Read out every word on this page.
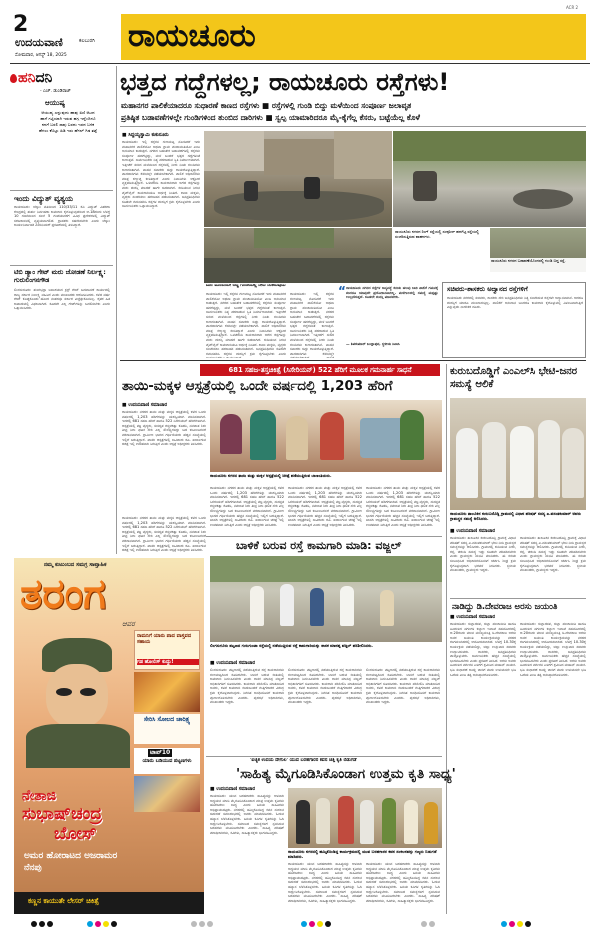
2
ಉದಯವಾಣಿ	ಕಲಬುರಗಿ
ಸೋಮವಾರ, ಆಗಸ್ಟ್ 18, 2025
ರಾಯಚೂರು
ACR 2
ಹನಿದನಿ
- ಎಚ್. ಡುಂಡಿರಾಜ್
ಆಯುಷ್ಯ
ಆಯುಷ್ಯ ಎನ್ನುವುದು ಹಾವು ಏಣಿ ಆಟದ ಹಾಗೆ ಗಟ್ಟಿಯಾಗಿ ಇರುವ ಹಗ್ಗ ಇನ್ನೆಂದಿಗೂ ನನಗೆ ಬರಲಿ ಸಾವು ಬರದು ಇರದ ಬಳಿಕ ಹೆಗಲು ಕೊಟ್ಟು ಹಿಡಿ ಇರು ಹೆಗಲ್ ಗಿಡ ತಟ್ಟೆ
ಇಂದು ವಿದ್ಯುತ್ ವ್ಯತ್ಯಯ
ರಾಯಚೂರು: ಜೆಸ್ಕಾಂ ವತಿಯಿಂದ 110/33/11 ಕೆವಿ ವಿದ್ಯುತ್ ವಿತರಣಾ ಕೇಂದ್ರದಲ್ಲಿ ತುರ್ತು ನಿರ್ವಹಣಾ ಕಾಮಗಾರಿ ಕೈಗೊಳ್ಳುವುದರಿಂದ ಆ.18ರಂದು ಬೆಳಗ್ಗೆ 10 ಗಂಟೆಯಿಂದ ಸಂಜೆ 5 ಗಂಟೆಯವರೆಗೆ ವಿವಿಧ ಪ್ರದೇಶಗಳಲ್ಲಿ ವಿದ್ಯುತ್ ಸರಬರಾಜಿನಲ್ಲಿ ವ್ಯತ್ಯಯವಾಗಲಿದೆ. ಗ್ರಾಹಕರು ಸಹಕರಿಸಬೇಕು ಎಂದು ಜೆಸ್ಕಾಂ ಕಾರ್ಯನಿರ್ವಾಹಕ ಎಂಜಿನಿಯರ್ ಪ್ರಕಟಣೆಯಲ್ಲಿ ತಿಳಿಸಿದ್ದಾರೆ.
ಟಿಬಿ ಡ್ಯಾಂ ಗೇಟ್ ಮರು ಜೋಡಣೆ ನಿರ್ಲಕ್ಷ್ಯ: ಗುರುಲಿಂಗನಗೌಡ
ಲಿಂಗಸುಗೂರು: ತುಂಗಭದ್ರಾ ಜಲಾಶಯದ ಕ್ರಸ್ಟ್ ಗೇಟ್ ಬದಲಾವಣೆ ಕಾರ್ಯದಲ್ಲಿ ರಾಜ್ಯ ಸರ್ಕಾರ ನಿರ್ಲಕ್ಷ್ಯ ವಹಿಸಿದೆ ಎಂದು ಮುಖಂಡರು ಆರೋಪಿಸಿದರು. ಕಳೆದ ವರ್ಷ ಗೇಟ್ ಕೊಚ್ಚಿಕೊಂಡು ಹೋದ ನಂತರವೂ ಸರ್ಕಾರ ಎಚ್ಚೆತ್ತುಕೊಂಡಿಲ್ಲ. ರೈತರ ಹಿತ ಕಾಪಾಡುವಲ್ಲಿ ವಿಫಲವಾಗಿದೆ. ಕೂಡಲೇ ಎಲ್ಲ ಗೇಟ್‌ಗಳನ್ನು ಬದಲಿಸಬೇಕು ಎಂದು ಒತ್ತಾಯಿಸಿದರು.
ಭತ್ತದ ಗದ್ದೆಗಳಲ್ಲ; ರಾಯಚೂರು ರಸ್ತೆಗಳು!
ಮಹಾನಗರ ಪಾಲಿಕೆಯಾದರೂ ಸುಧಾರಣೆ ಕಾಣದ ರಸ್ತೆಗಳು ■ ರಸ್ತೆಗಳಲ್ಲಿ ಗುಂಡಿ ಬಿದ್ದು ಮಳೆಯಿಂದ ಸಂಪೂರ್ಣ ಜಲಾವೃತ
ಪ್ರತಿಷ್ಠಿತ ಬಡಾವಣೆಗಳಲ್ಲೇ ಗುಂಡಿಗಳಿಂದ ತುಂಬಿದ ದಾರಿಗಳು ■ ಸ್ವಲ್ಪ ಯಾಮಾರಿದರೂ ಮೈ-ಕೈಗೆಲ್ಲ ಕೆಸರು, ಬಟ್ಟೆಯೆಲ್ಲ ಕೊಳೆ
■ ಸಿದ್ದಯ್ಯಸ್ವಾಮಿ ಕುಕುನೂರು
ರಾಯಚೂರು: ಇಲ್ಲಿ ರಸ್ತೆಗಳ ಗುಣಮಟ್ಟ ನೋಡಿದರೆ ಇದು ಮಹಾನಗರ ಪಾಲಿಕೆಯೋ ಅಥವಾ ಗ್ರಾಮ ಪಂಚಾಯಿತಿಯೋ ಎಂಬ ಅನುಮಾನ ಕಾಡುತ್ತದೆ. ನಗರದ ಬಹುತೇಕ ಬಡಾವಣೆಗಳಲ್ಲಿ ರಸ್ತೆಗಳು ಸಂಪೂರ್ಣ ಹದಗೆಟ್ಟಿದ್ದು, ಮಳೆ ಬಂದರೆ ಭತ್ತದ ಗದ್ದೆಗಳಂತೆ ಕಾಣುತ್ತವೆ. ಸಾರ್ವಜನಿಕರು ನಿತ್ಯ ಪರದಾಡುವ ಸ್ಥಿತಿ ನಿರ್ಮಾಣವಾಗಿದೆ. ಇತ್ತೀಚೆಗೆ ಸುರಿದ ಮಳೆಯಿಂದ ರಸ್ತೆಗಳಲ್ಲಿ ನೀರು ನಿಂತು ಗುಂಡಿಗಳು ಕಾಣದಂತಾಗಿವೆ. ವಾಹನ ಸವಾರರು ಬಿದ್ದು ಗಾಯಗೊಳ್ಳುತ್ತಿದ್ದಾರೆ. ಪಾದಚಾರಿಗಳು ಕೆಸರಿನಲ್ಲೇ ನಡೆಯಬೇಕಾಗಿದೆ. ಪಾಲಿಕೆ ಅಧಿಕಾರಿಗಳು ಮಾತ್ರ ಕಣ್ಮುಚ್ಚಿ ಕುಳಿತಿದ್ದಾರೆ ಎಂದು ನಿವಾಸಿಗಳು ಆಕ್ರೋಶ ವ್ಯಕ್ತಪಡಿಸುತ್ತಿದ್ದಾರೆ. ಒಳಚರಂಡಿ ಕಾಮಗಾರಿಗಾಗಿ ಅಗೆದ ರಸ್ತೆಗಳನ್ನು ಮರು ದುರಸ್ತಿ ಮಾಡದೆ ಹಾಗೇ ಬಿಡಲಾಗಿದೆ. ಕುಡಿಯುವ ನೀರಿನ ಪೈಪ್‌ಲೈನ್ ಕಾಮಗಾರಿಯೂ ಅರ್ಧಕ್ಕೆ ನಿಂತಿದೆ. ಶಾಲಾ ಮಕ್ಕಳು, ವೃದ್ಧರು ಸಂಚರಿಸಲು ಹರಸಾಹಸ ಪಡುವಂತಾಗಿದೆ. ಜನಪ್ರತಿನಿಧಿಗಳು ಕೂಡಲೇ ಗಮನಹರಿಸಿ ರಸ್ತೆಗಳ ದುರಸ್ತಿಗೆ ಕ್ರಮ ಕೈಗೊಳ್ಳಬೇಕು ಎಂದು ಸಾರ್ವಜನಿಕರು ಒತ್ತಾಯಿಸಿದ್ದಾರೆ.
ರಾಯಚೂರು ನಗರದ ರಿಂಗ್ ರಸ್ತೆಯಲ್ಲಿ ಸಂಪೂರ್ಣ ಹದಗೆಟ್ಟ ರಸ್ತೆಯಲ್ಲಿ ಸಂಚರಿಸುತ್ತಿರುವ ವಾಹನಗಳು.
ರಾಯಚೂರು ನಗರದ ಬಡಾವಣೆಯೊಂದರಲ್ಲಿ ಗುಂಡಿ ಬಿದ್ದ ರಸ್ತೆ.
ಮನೆ ಮುಂದೆಯೇ ಬಿದ್ದ ಗುಂಡಿಯಲ್ಲಿ ನೀರು ನಿಂತಿರುವುದು
ರಾಯಚೂರು: ಇಲ್ಲಿ ರಸ್ತೆಗಳ ಗುಣಮಟ್ಟ ನೋಡಿದರೆ ಇದು ಮಹಾನಗರ ಪಾಲಿಕೆಯೋ ಅಥವಾ ಗ್ರಾಮ ಪಂಚಾಯಿತಿಯೋ ಎಂಬ ಅನುಮಾನ ಕಾಡುತ್ತದೆ. ನಗರದ ಬಹುತೇಕ ಬಡಾವಣೆಗಳಲ್ಲಿ ರಸ್ತೆಗಳು ಸಂಪೂರ್ಣ ಹದಗೆಟ್ಟಿದ್ದು, ಮಳೆ ಬಂದರೆ ಭತ್ತದ ಗದ್ದೆಗಳಂತೆ ಕಾಣುತ್ತವೆ. ಸಾರ್ವಜನಿಕರು ನಿತ್ಯ ಪರದಾಡುವ ಸ್ಥಿತಿ ನಿರ್ಮಾಣವಾಗಿದೆ. ಇತ್ತೀಚೆಗೆ ಸುರಿದ ಮಳೆಯಿಂದ ರಸ್ತೆಗಳಲ್ಲಿ ನೀರು ನಿಂತು ಗುಂಡಿಗಳು ಕಾಣದಂತಾಗಿವೆ. ವಾಹನ ಸವಾರರು ಬಿದ್ದು ಗಾಯಗೊಳ್ಳುತ್ತಿದ್ದಾರೆ. ಪಾದಚಾರಿಗಳು ಕೆಸರಿನಲ್ಲೇ ನಡೆಯಬೇಕಾಗಿದೆ. ಪಾಲಿಕೆ ಅಧಿಕಾರಿಗಳು ಮಾತ್ರ ಕಣ್ಮುಚ್ಚಿ ಕುಳಿತಿದ್ದಾರೆ ಎಂದು ನಿವಾಸಿಗಳು ಆಕ್ರೋಶ ವ್ಯಕ್ತಪಡಿಸುತ್ತಿದ್ದಾರೆ. ಒಳಚರಂಡಿ ಕಾಮಗಾರಿಗಾಗಿ ಅಗೆದ ರಸ್ತೆಗಳನ್ನು ಮರು ದುರಸ್ತಿ ಮಾಡದೆ ಹಾಗೇ ಬಿಡಲಾಗಿದೆ. ಕುಡಿಯುವ ನೀರಿನ ಪೈಪ್‌ಲೈನ್ ಕಾಮಗಾರಿಯೂ ಅರ್ಧಕ್ಕೆ ನಿಂತಿದೆ. ಶಾಲಾ ಮಕ್ಕಳು, ವೃದ್ಧರು ಸಂಚರಿಸಲು ಹರಸಾಹಸ ಪಡುವಂತಾಗಿದೆ. ಜನಪ್ರತಿನಿಧಿಗಳು ಕೂಡಲೇ ಗಮನಹರಿಸಿ ರಸ್ತೆಗಳ ದುರಸ್ತಿಗೆ ಕ್ರಮ ಕೈಗೊಳ್ಳಬೇಕು ಎಂದು
ರಾಯಚೂರು: ಇಲ್ಲಿ ರಸ್ತೆಗಳ ಗುಣಮಟ್ಟ ನೋಡಿದರೆ ಇದು ಮಹಾನಗರ ಪಾಲಿಕೆಯೋ ಅಥವಾ ಗ್ರಾಮ ಪಂಚಾಯಿತಿಯೋ ಎಂಬ ಅನುಮಾನ ಕಾಡುತ್ತದೆ. ನಗರದ ಬಹುತೇಕ ಬಡಾವಣೆಗಳಲ್ಲಿ ರಸ್ತೆಗಳು ಸಂಪೂರ್ಣ ಹದಗೆಟ್ಟಿದ್ದು, ಮಳೆ ಬಂದರೆ ಭತ್ತದ ಗದ್ದೆಗಳಂತೆ ಕಾಣುತ್ತವೆ. ಸಾರ್ವಜನಿಕರು ನಿತ್ಯ ಪರದಾಡುವ ಸ್ಥಿತಿ ನಿರ್ಮಾಣವಾಗಿದೆ. ಇತ್ತೀಚೆಗೆ ಸುರಿದ ಮಳೆಯಿಂದ ರಸ್ತೆಗಳಲ್ಲಿ ನೀರು ನಿಂತು ಗುಂಡಿಗಳು ಕಾಣದಂತಾಗಿವೆ. ವಾಹನ ಸವಾರರು ಬಿದ್ದು ಗಾಯಗೊಳ್ಳುತ್ತಿದ್ದಾರೆ. ಪಾದಚಾರಿಗಳು ಕೆಸರಿನಲ್ಲೇ
“ ರಾಯಚೂರು ನಗರದ ರಸ್ತೆಗಳ ಅವ್ಯವಸ್ಥೆ ಕುರಿತು ಹಲವು ಬಾರಿ ಪಾಲಿಕೆ ಗಮನಕ್ಕೆ ತಂದರೂ ಯಾವುದೇ ಪ್ರಯೋಜನವಾಗಿಲ್ಲ. ಮಳೆಗಾಲದಲ್ಲಿ ಸಮಸ್ಯೆ ಮತ್ತಷ್ಟು ಉಲ್ಬಣಿಸುತ್ತದೆ. ಕೂಡಲೇ ದುರಸ್ತಿ ಮಾಡಬೇಕು.
— ಶಿವಕುಮಾರ್ ಬುಲ್ಲಾಪುರ, ಸ್ಥಳೀಯ ನಿವಾಸಿ
ಸಚಿವರು-ಶಾಸಕರು ಅದ್ವಾನದ ರಸ್ತೆಗಳಿಗೆ
ರಾಯಚೂರು ನಗರದಲ್ಲಿ ಸಚಿವರು, ಶಾಸಕರು ಸೇರಿ ಜನಪ್ರತಿನಿಧಿಗಳು ನಿತ್ಯ ಸಂಚರಿಸುವ ರಸ್ತೆಗಳೇ ಅದ್ವಾನವಾಗಿವೆ. ಆದರೂ ದುರಸ್ತಿಗೆ ಯಾರೂ ಮುಂದಾಗುತ್ತಿಲ್ಲ. ಪಾಲಿಕೆಗೆ ಅನುದಾನ ಬಂದರೂ ಕಾಮಗಾರಿ ಕೈಗೊಳ್ಳುವಲ್ಲಿ ವಿಳಂಬವಾಗುತ್ತಿದೆ ಎನ್ನುವುದು ನಾಗರಿಕರ ದೂರು.
681 ಸಹಜ-ತಸ್ತಚಿಕಿತ್ಸೆ (ಸಿಸೇರಿಯನ್) 522 ಹೆರಿಗೆ ಮೂಲಕ ಗಮನಾರ್ಹ ಸಾಧನೆ
ತಾಯಿ-ಮಕ್ಕಳ ಆಸ್ಪತ್ರೆಯಲ್ಲಿ ಒಂದೇ ವರ್ಷದಲ್ಲಿ 1,203 ಹೆರಿಗೆ
■ ಉದಯವಾಣಿ ಸಮಾಚಾರ
ರಾಯಚೂರು: ನಗರದ ತಾಯಿ ಮತ್ತು ಮಕ್ಕಳ ಆಸ್ಪತ್ರೆಯಲ್ಲಿ ಕಳೆದ ಒಂದು ವರ್ಷದಲ್ಲಿ 1,203 ಹೆರಿಗೆಗಳನ್ನು ಯಶಸ್ವಿಯಾಗಿ ಮಾಡಿಸಲಾಗಿದೆ. ಇದರಲ್ಲಿ 681 ಸಹಜ ಹೆರಿಗೆ ಹಾಗೂ 522 ಸಿಸೇರಿಯನ್ ಹೆರಿಗೆಗಳಾಗಿವೆ. ಆಸ್ಪತ್ರೆಯಲ್ಲಿ ತಜ್ಞ ವೈದ್ಯರು, ಸುಸಜ್ಜಿತ ಶಸ್ತ್ರಚಿಕಿತ್ಸಾ ಕೊಠಡಿ, ನವಜಾತ ಶಿಶು ತೀವ್ರ ನಿಗಾ ಘಟಕ ಸೇರಿ ಎಲ್ಲ ಸೌಲಭ್ಯಗಳಿದ್ದು ಬಡ ಕುಟುಂಬಗಳಿಗೆ ವರದಾನವಾಗಿದೆ. ಗ್ರಾಮೀಣ ಭಾಗದ ಗರ್ಭಿಣಿಯರು ಹೆಚ್ಚಿನ ಸಂಖ್ಯೆಯಲ್ಲಿ ಇಲ್ಲಿಗೆ ಬರುತ್ತಿದ್ದಾರೆ. ಖಾಸಗಿ ಆಸ್ಪತ್ರೆಗಳಲ್ಲಿ ಸಾವಿರಾರು ರೂ. ಖರ್ಚಾಗುವ ಚಿಕಿತ್ಸೆ ಇಲ್ಲಿ ಉಚಿತವಾಗಿ ಸಿಗುತ್ತಿದೆ ಎಂದು ಆಸ್ಪತ್ರೆ ಅಧೀಕ್ಷಕರು ತಿಳಿಸಿದರು.
ರಾಯಚೂರು ನಗರದ ತಾಯಿ ಮತ್ತು ಮಕ್ಕಳ ಆಸ್ಪತ್ರೆಯಲ್ಲಿ ಚಿಕಿತ್ಸೆ ಪಡೆಯುತ್ತಿರುವ ಬಾಣಂತಿಯರು.
ರಾಯಚೂರು: ನಗರದ ತಾಯಿ ಮತ್ತು ಮಕ್ಕಳ ಆಸ್ಪತ್ರೆಯಲ್ಲಿ ಕಳೆದ ಒಂದು ವರ್ಷದಲ್ಲಿ 1,203 ಹೆರಿಗೆಗಳನ್ನು ಯಶಸ್ವಿಯಾಗಿ ಮಾಡಿಸಲಾಗಿದೆ. ಇದರಲ್ಲಿ 681 ಸಹಜ ಹೆರಿಗೆ ಹಾಗೂ 522 ಸಿಸೇರಿಯನ್ ಹೆರಿಗೆಗಳಾಗಿವೆ. ಆಸ್ಪತ್ರೆಯಲ್ಲಿ ತಜ್ಞ ವೈದ್ಯರು, ಸುಸಜ್ಜಿತ ಶಸ್ತ್ರಚಿಕಿತ್ಸಾ ಕೊಠಡಿ, ನವಜಾತ ಶಿಶು ತೀವ್ರ ನಿಗಾ ಘಟಕ ಸೇರಿ ಎಲ್ಲ ಸೌಲಭ್ಯಗಳಿದ್ದು ಬಡ ಕುಟುಂಬಗಳಿಗೆ ವರದಾನವಾಗಿದೆ. ಗ್ರಾಮೀಣ ಭಾಗದ ಗರ್ಭಿಣಿಯರು ಹೆಚ್ಚಿನ ಸಂಖ್ಯೆಯಲ್ಲಿ ಇಲ್ಲಿಗೆ ಬರುತ್ತಿದ್ದಾರೆ. ಖಾಸಗಿ ಆಸ್ಪತ್ರೆಗಳಲ್ಲಿ ಸಾವಿರಾರು ರೂ. ಖರ್ಚಾಗುವ ಚಿಕಿತ್ಸೆ ಇಲ್ಲಿ ಉಚಿತವಾಗಿ ಸಿಗುತ್ತಿದೆ ಎಂದು ಆಸ್ಪತ್ರೆ ಅಧೀಕ್ಷಕರು ತಿಳಿಸಿದರು.
ರಾಯಚೂರು: ನಗರದ ತಾಯಿ ಮತ್ತು ಮಕ್ಕಳ ಆಸ್ಪತ್ರೆಯಲ್ಲಿ ಕಳೆದ ಒಂದು ವರ್ಷದಲ್ಲಿ 1,203 ಹೆರಿಗೆಗಳನ್ನು ಯಶಸ್ವಿಯಾಗಿ ಮಾಡಿಸಲಾಗಿದೆ. ಇದರಲ್ಲಿ 681 ಸಹಜ ಹೆರಿಗೆ ಹಾಗೂ 522 ಸಿಸೇರಿಯನ್ ಹೆರಿಗೆಗಳಾಗಿವೆ. ಆಸ್ಪತ್ರೆಯಲ್ಲಿ ತಜ್ಞ ವೈದ್ಯರು, ಸುಸಜ್ಜಿತ ಶಸ್ತ್ರಚಿಕಿತ್ಸಾ ಕೊಠಡಿ, ನವಜಾತ ಶಿಶು ತೀವ್ರ ನಿಗಾ ಘಟಕ ಸೇರಿ ಎಲ್ಲ ಸೌಲಭ್ಯಗಳಿದ್ದು ಬಡ ಕುಟುಂಬಗಳಿಗೆ ವರದಾನವಾಗಿದೆ. ಗ್ರಾಮೀಣ ಭಾಗದ ಗರ್ಭಿಣಿಯರು ಹೆಚ್ಚಿನ ಸಂಖ್ಯೆಯಲ್ಲಿ ಇಲ್ಲಿಗೆ ಬರುತ್ತಿದ್ದಾರೆ. ಖಾಸಗಿ ಆಸ್ಪತ್ರೆಗಳಲ್ಲಿ ಸಾವಿರಾರು ರೂ. ಖರ್ಚಾಗುವ ಚಿಕಿತ್ಸೆ ಇಲ್ಲಿ ಉಚಿತವಾಗಿ ಸಿಗುತ್ತಿದೆ ಎಂದು ಆಸ್ಪತ್ರೆ ಅಧೀಕ್ಷಕರು ತಿಳಿಸಿದರು.
ರಾಯಚೂರು: ನಗರದ ತಾಯಿ ಮತ್ತು ಮಕ್ಕಳ ಆಸ್ಪತ್ರೆಯಲ್ಲಿ ಕಳೆದ ಒಂದು ವರ್ಷದಲ್ಲಿ 1,203 ಹೆರಿಗೆಗಳನ್ನು ಯಶಸ್ವಿಯಾಗಿ ಮಾಡಿಸಲಾಗಿದೆ. ಇದರಲ್ಲಿ 681 ಸಹಜ ಹೆರಿಗೆ ಹಾಗೂ 522 ಸಿಸೇರಿಯನ್ ಹೆರಿಗೆಗಳಾಗಿವೆ. ಆಸ್ಪತ್ರೆಯಲ್ಲಿ ತಜ್ಞ ವೈದ್ಯರು, ಸುಸಜ್ಜಿತ ಶಸ್ತ್ರಚಿಕಿತ್ಸಾ ಕೊಠಡಿ, ನವಜಾತ ಶಿಶು ತೀವ್ರ ನಿಗಾ ಘಟಕ ಸೇರಿ ಎಲ್ಲ ಸೌಲಭ್ಯಗಳಿದ್ದು ಬಡ ಕುಟುಂಬಗಳಿಗೆ ವರದಾನವಾಗಿದೆ. ಗ್ರಾಮೀಣ ಭಾಗದ ಗರ್ಭಿಣಿಯರು ಹೆಚ್ಚಿನ ಸಂಖ್ಯೆಯಲ್ಲಿ ಇಲ್ಲಿಗೆ ಬರುತ್ತಿದ್ದಾರೆ. ಖಾಸಗಿ ಆಸ್ಪತ್ರೆಗಳಲ್ಲಿ ಸಾವಿರಾರು ರೂ. ಖರ್ಚಾಗುವ ಚಿಕಿತ್ಸೆ ಇಲ್ಲಿ ಉಚಿತವಾಗಿ ಸಿಗುತ್ತಿದೆ ಎಂದು ಆಸ್ಪತ್ರೆ ಅಧೀಕ್ಷಕರು ತಿಳಿಸಿದರು.
ಕುರುಬದೊಡ್ಡಿಗೆ ಎಂಎಲ್‌ಸಿ ಭೇಟಿ-ಜನರ ಸಮಸ್ಯೆ ಆಲಿಕೆ
ರಾಯಚೂರು ತಾಲೂಕಿನ ಕುರುಬದೊಡ್ಡಿ ಗ್ರಾಮದಲ್ಲಿ ವಿಧಾನ ಪರಿಷತ್ ಸದಸ್ಯ ಎ.ವಸಂತಕುಮಾರ್ ಅವರು ಗ್ರಾಮಸ್ಥರ ಸಮಸ್ಯೆ ಆಲಿಸಿದರು.
■ ಉದಯವಾಣಿ ಸಮಾಚಾರ
ರಾಯಚೂರು: ತಾಲೂಕಿನ ಕುರುಬದೊಡ್ಡಿ ಗ್ರಾಮಕ್ಕೆ ವಿಧಾನ ಪರಿಷತ್ ಸದಸ್ಯ ಎ.ವಸಂತಕುಮಾರ್ ಭೇಟಿ ನೀಡಿ ಗ್ರಾಮಸ್ಥರ ಸಮಸ್ಯೆಗಳನ್ನು ಆಲಿಸಿದರು. ಗ್ರಾಮದಲ್ಲಿ ಕುಡಿಯುವ ನೀರು, ರಸ್ತೆ, ಚರಂಡಿ ಸಮಸ್ಯೆ ಇದ್ದು ಕೂಡಲೇ ಪರಿಹರಿಸಬೇಕು ಎಂದು ಗ್ರಾಮಸ್ಥರು ಮನವಿ ಮಾಡಿದರು. ಈ ಕುರಿತು ಸಂಬಂಧಿಸಿದ ಅಧಿಕಾರಿಗಳೊಂದಿಗೆ ಚರ್ಚಿಸಿ ಶೀಘ್ರ ಕ್ರಮ ಕೈಗೊಳ್ಳುವುದಾಗಿ ಭರವಸೆ ನೀಡಿದರು. ಸ್ಥಳೀಯ ಮುಖಂಡರು, ಗ್ರಾಮಸ್ಥರು ಇದ್ದರು.
ರಾಯಚೂರು: ತಾಲೂಕಿನ ಕುರುಬದೊಡ್ಡಿ ಗ್ರಾಮಕ್ಕೆ ವಿಧಾನ ಪರಿಷತ್ ಸದಸ್ಯ ಎ.ವಸಂತಕುಮಾರ್ ಭೇಟಿ ನೀಡಿ ಗ್ರಾಮಸ್ಥರ ಸಮಸ್ಯೆಗಳನ್ನು ಆಲಿಸಿದರು. ಗ್ರಾಮದಲ್ಲಿ ಕುಡಿಯುವ ನೀರು, ರಸ್ತೆ, ಚರಂಡಿ ಸಮಸ್ಯೆ ಇದ್ದು ಕೂಡಲೇ ಪರಿಹರಿಸಬೇಕು ಎಂದು ಗ್ರಾಮಸ್ಥರು ಮನವಿ ಮಾಡಿದರು. ಈ ಕುರಿತು ಸಂಬಂಧಿಸಿದ ಅಧಿಕಾರಿಗಳೊಂದಿಗೆ ಚರ್ಚಿಸಿ ಶೀಘ್ರ ಕ್ರಮ ಕೈಗೊಳ್ಳುವುದಾಗಿ ಭರವಸೆ ನೀಡಿದರು. ಸ್ಥಳೀಯ ಮುಖಂಡರು, ಗ್ರಾಮಸ್ಥರು ಇದ್ದರು.
ನಾಡಿದ್ದು ಡಿ.ದೇವರಾಜ ಅರಸು ಜಯಂತಿ
■ ಉದಯವಾಣಿ ಸಮಾಚಾರ
ರಾಯಚೂರು: ಜಿಲ್ಲಾಡಳಿತ, ಜಿಲ್ಲಾ ಪಂಚಾಯಿತಿ ಹಾಗೂ ಹಿಂದುಳಿದ ವರ್ಗಗಳ ಕಲ್ಯಾಣ ಇಲಾಖೆ ಸಹಯೋಗದಲ್ಲಿ ಆ.20ರಂದು ಮಾಜಿ ಮುಖ್ಯಮಂತ್ರಿ ಡಿ.ದೇವರಾಜ ಅರಸು ಅವರ ಜಯಂತಿ ಕಾರ್ಯಕ್ರಮವನ್ನು ನಗರದ ರಂಗಮಂದಿರದಲ್ಲಿ ಆಯೋಜಿಸಲಾಗಿದೆ. ಬೆಳಗ್ಗೆ 10.30ಕ್ಕೆ ಕಾರ್ಯಕ್ರಮ ನಡೆಯಲಿದ್ದು, ಜಿಲ್ಲಾ ಉಸ್ತುವಾರಿ ಸಚಿವರು ಉದ್ಘಾಟಿಸುವರು. ಶಾಸಕರು, ಜನಪ್ರತಿನಿಧಿಗಳು ಪಾಲ್ಗೊಳ್ಳುವರು. ಸಾರ್ವಜನಿಕರು ಹೆಚ್ಚಿನ ಸಂಖ್ಯೆಯಲ್ಲಿ ಭಾಗವಹಿಸಬೇಕು ಎಂದು ಪ್ರಕಟಣೆ ತಿಳಿಸಿದೆ. ಅರಸು ಅವರು ಹಿಂದುಳಿದ ವರ್ಗಗಳ ಏಳಿಗೆಗೆ ಶ್ರಮಿಸಿದ ಮಹಾನ್ ನಾಯಕ. ಭೂ ಸುಧಾರಣೆ ಕಾಯ್ದೆ ಜಾರಿಗೆ ತಂದು ಉಳುವವನೇ ಭೂ ಒಡೆಯ ಎಂಬ ತತ್ವ ಅನುಷ್ಠಾನಗೊಳಿಸಿದರು.
ರಾಯಚೂರು: ಜಿಲ್ಲಾಡಳಿತ, ಜಿಲ್ಲಾ ಪಂಚಾಯಿತಿ ಹಾಗೂ ಹಿಂದುಳಿದ ವರ್ಗಗಳ ಕಲ್ಯಾಣ ಇಲಾಖೆ ಸಹಯೋಗದಲ್ಲಿ ಆ.20ರಂದು ಮಾಜಿ ಮುಖ್ಯಮಂತ್ರಿ ಡಿ.ದೇವರಾಜ ಅರಸು ಅವರ ಜಯಂತಿ ಕಾರ್ಯಕ್ರಮವನ್ನು ನಗರದ ರಂಗಮಂದಿರದಲ್ಲಿ ಆಯೋಜಿಸಲಾಗಿದೆ. ಬೆಳಗ್ಗೆ 10.30ಕ್ಕೆ ಕಾರ್ಯಕ್ರಮ ನಡೆಯಲಿದ್ದು, ಜಿಲ್ಲಾ ಉಸ್ತುವಾರಿ ಸಚಿವರು ಉದ್ಘಾಟಿಸುವರು. ಶಾಸಕರು, ಜನಪ್ರತಿನಿಧಿಗಳು ಪಾಲ್ಗೊಳ್ಳುವರು. ಸಾರ್ವಜನಿಕರು ಹೆಚ್ಚಿನ ಸಂಖ್ಯೆಯಲ್ಲಿ ಭಾಗವಹಿಸಬೇಕು ಎಂದು ಪ್ರಕಟಣೆ ತಿಳಿಸಿದೆ. ಅರಸು ಅವರು ಹಿಂದುಳಿದ ವರ್ಗಗಳ ಏಳಿಗೆಗೆ ಶ್ರಮಿಸಿದ ಮಹಾನ್ ನಾಯಕ. ಭೂ ಸುಧಾರಣೆ ಕಾಯ್ದೆ ಜಾರಿಗೆ ತಂದು ಉಳುವವನೇ ಭೂ ಒಡೆಯ ಎಂಬ ತತ್ವ ಅನುಷ್ಠಾನಗೊಳಿಸಿದರು.
ಬಾಳಿಕೆ ಬರುವ ರಸ್ತೆ ಕಾಮಗಾರಿ ಮಾಡಿ: ವಜ್ಜಲ್
ಲಿಂಗಸುಗೂರು ಪಟ್ಟಣದ ಗುರುಗುಂಟಾ ರಸ್ತೆಯಲ್ಲಿ ನಡೆಯುತ್ತಿರುವ ರಸ್ತೆ ಕಾಮಗಾರಿಯನ್ನು ಶಾಸಕ ಮಾನಪ್ಪ ವಜ್ಜಲ್ ಪರಿಶೀಲಿಸಿದರು.
■ ಉದಯವಾಣಿ ಸಮಾಚಾರ
ಲಿಂಗಸುಗೂರು: ಪಟ್ಟಣದಲ್ಲಿ ನಡೆಯುತ್ತಿರುವ ರಸ್ತೆ ಕಾಮಗಾರಿಗಳು ಗುಣಮಟ್ಟದಿಂದ ಕೂಡಿರಬೇಕು. ಬಾಳಿಕೆ ಬರುವ ರೀತಿಯಲ್ಲಿ ಕಾಮಗಾರಿ ನಿರ್ವಹಿಸಬೇಕು ಎಂದು ಶಾಸಕ ಮಾನಪ್ಪ ವಜ್ಜಲ್ ಅಧಿಕಾರಿಗಳಿಗೆ ಸೂಚಿಸಿದರು. ಕಾಮಗಾರಿ ಪರಿಶೀಲಿಸಿ ಮಾತನಾಡಿದ ಅವರು, ಕಳಪೆ ಕಾಮಗಾರಿ ಕಂಡುಬಂದರೆ ಗುತ್ತಿಗೆದಾರರ ವಿರುದ್ಧ ಕ್ರಮ ಕೈಗೊಳ್ಳಲಾಗುವುದು. ನಿಗದಿತ ಅವಧಿಯೊಳಗೆ ಕಾಮಗಾರಿ ಪೂರ್ಣಗೊಳಿಸಬೇಕು ಎಂದರು. ಪುರಸಭೆ ಅಧಿಕಾರಿಗಳು, ಮುಖಂಡರು ಇದ್ದರು.
ಲಿಂಗಸುಗೂರು: ಪಟ್ಟಣದಲ್ಲಿ ನಡೆಯುತ್ತಿರುವ ರಸ್ತೆ ಕಾಮಗಾರಿಗಳು ಗುಣಮಟ್ಟದಿಂದ ಕೂಡಿರಬೇಕು. ಬಾಳಿಕೆ ಬರುವ ರೀತಿಯಲ್ಲಿ ಕಾಮಗಾರಿ ನಿರ್ವಹಿಸಬೇಕು ಎಂದು ಶಾಸಕ ಮಾನಪ್ಪ ವಜ್ಜಲ್ ಅಧಿಕಾರಿಗಳಿಗೆ ಸೂಚಿಸಿದರು. ಕಾಮಗಾರಿ ಪರಿಶೀಲಿಸಿ ಮಾತನಾಡಿದ ಅವರು, ಕಳಪೆ ಕಾಮಗಾರಿ ಕಂಡುಬಂದರೆ ಗುತ್ತಿಗೆದಾರರ ವಿರುದ್ಧ ಕ್ರಮ ಕೈಗೊಳ್ಳಲಾಗುವುದು. ನಿಗದಿತ ಅವಧಿಯೊಳಗೆ ಕಾಮಗಾರಿ ಪೂರ್ಣಗೊಳಿಸಬೇಕು ಎಂದರು. ಪುರಸಭೆ ಅಧಿಕಾರಿಗಳು, ಮುಖಂಡರು ಇದ್ದರು.
ಲಿಂಗಸುಗೂರು: ಪಟ್ಟಣದಲ್ಲಿ ನಡೆಯುತ್ತಿರುವ ರಸ್ತೆ ಕಾಮಗಾರಿಗಳು ಗುಣಮಟ್ಟದಿಂದ ಕೂಡಿರಬೇಕು. ಬಾಳಿಕೆ ಬರುವ ರೀತಿಯಲ್ಲಿ ಕಾಮಗಾರಿ ನಿರ್ವಹಿಸಬೇಕು ಎಂದು ಶಾಸಕ ಮಾನಪ್ಪ ವಜ್ಜಲ್ ಅಧಿಕಾರಿಗಳಿಗೆ ಸೂಚಿಸಿದರು. ಕಾಮಗಾರಿ ಪರಿಶೀಲಿಸಿ ಮಾತನಾಡಿದ ಅವರು, ಕಳಪೆ ಕಾಮಗಾರಿ ಕಂಡುಬಂದರೆ ಗುತ್ತಿಗೆದಾರರ ವಿರುದ್ಧ ಕ್ರಮ ಕೈಗೊಳ್ಳಲಾಗುವುದು. ನಿಗದಿತ ಅವಧಿಯೊಳಗೆ ಕಾಮಗಾರಿ ಪೂರ್ಣಗೊಳಿಸಬೇಕು ಎಂದರು. ಪುರಸಭೆ ಅಧಿಕಾರಿಗಳು, ಮುಖಂಡರು ಇದ್ದರು.
'ಐಚ್ಛಿಕ ಉದಯ ದೇಗುಲ' ಯುವ ಬರಹಗಾರರ ಕವನ ಚಿತ್ತಿ ಕೃತಿ ಬಿಡುಗಡೆ
'ಸಾಹಿತ್ಯ ಮೈಗೂಡಿಸಿಕೊಂಡಾಗ ಉತ್ತಮ ಕೃತಿ ಸಾಧ್ಯ'
■ ಉದಯವಾಣಿ ಸಮಾಚಾರ
ರಾಯಚೂರು: ಯುವ ಬರಹಗಾರರು ಸಾಹಿತ್ಯವನ್ನು ಆಳವಾಗಿ ಅಧ್ಯಯನ ಮಾಡಿ ಮೈಗೂಡಿಸಿಕೊಂಡಾಗ ಮಾತ್ರ ಉತ್ತಮ ಕೃತಿಗಳು ಹೊರಬರಲು ಸಾಧ್ಯ ಎಂದು ಹಿರಿಯ ಸಾಹಿತಿಗಳು ಅಭಿಪ್ರಾಯಪಟ್ಟರು. ನಗರದಲ್ಲಿ ಹಮ್ಮಿಕೊಂಡಿದ್ದ ಕವನ ಸಂಕಲನ ಬಿಡುಗಡೆ ಸಮಾರಂಭದಲ್ಲಿ ಅವರು ಮಾತನಾಡಿದರು. ಓದುವ ಹವ್ಯಾಸ ಬೆಳೆಸಿಕೊಳ್ಳಬೇಕು. ಹಿರಿಯ ಕವಿಗಳ ಕೃತಿಗಳನ್ನು ಓದಿ ಅರ್ಥೈಸಿಕೊಳ್ಳಬೇಕು. ಸಮಾಜದ ಸಮಸ್ಯೆಗಳಿಗೆ ಸ್ಪಂದಿಸುವ ಬರಹಗಳು ಮೂಡಿಬರಬೇಕು ಎಂದರು. ಸಾಹಿತ್ಯ ಪರಿಷತ್ ಪದಾಧಿಕಾರಿಗಳು, ಕವಿಗಳು, ಸಾಹಿತ್ಯಾಸಕ್ತರು ಭಾಗವಹಿಸಿದ್ದರು.
ರಾಯಚೂರು ನಗರದಲ್ಲಿ ಹಮ್ಮಿಕೊಂಡಿದ್ದ ಕಾರ್ಯಕ್ರಮದಲ್ಲಿ ಯುವ ಬರಹಗಾರರ ಕವನ ಸಂಕಲನವನ್ನು ಗಣ್ಯರು ಬಿಡುಗಡೆ ಮಾಡಿದರು.
ರಾಯಚೂರು: ಯುವ ಬರಹಗಾರರು ಸಾಹಿತ್ಯವನ್ನು ಆಳವಾಗಿ ಅಧ್ಯಯನ ಮಾಡಿ ಮೈಗೂಡಿಸಿಕೊಂಡಾಗ ಮಾತ್ರ ಉತ್ತಮ ಕೃತಿಗಳು ಹೊರಬರಲು ಸಾಧ್ಯ ಎಂದು ಹಿರಿಯ ಸಾಹಿತಿಗಳು ಅಭಿಪ್ರಾಯಪಟ್ಟರು. ನಗರದಲ್ಲಿ ಹಮ್ಮಿಕೊಂಡಿದ್ದ ಕವನ ಸಂಕಲನ ಬಿಡುಗಡೆ ಸಮಾರಂಭದಲ್ಲಿ ಅವರು ಮಾತನಾಡಿದರು. ಓದುವ ಹವ್ಯಾಸ ಬೆಳೆಸಿಕೊಳ್ಳಬೇಕು. ಹಿರಿಯ ಕವಿಗಳ ಕೃತಿಗಳನ್ನು ಓದಿ ಅರ್ಥೈಸಿಕೊಳ್ಳಬೇಕು. ಸಮಾಜದ ಸಮಸ್ಯೆಗಳಿಗೆ ಸ್ಪಂದಿಸುವ ಬರಹಗಳು ಮೂಡಿಬರಬೇಕು ಎಂದರು. ಸಾಹಿತ್ಯ ಪರಿಷತ್ ಪದಾಧಿಕಾರಿಗಳು, ಕವಿಗಳು, ಸಾಹಿತ್ಯಾಸಕ್ತರು ಭಾಗವಹಿಸಿದ್ದರು.
ರಾಯಚೂರು: ಯುವ ಬರಹಗಾರರು ಸಾಹಿತ್ಯವನ್ನು ಆಳವಾಗಿ ಅಧ್ಯಯನ ಮಾಡಿ ಮೈಗೂಡಿಸಿಕೊಂಡಾಗ ಮಾತ್ರ ಉತ್ತಮ ಕೃತಿಗಳು ಹೊರಬರಲು ಸಾಧ್ಯ ಎಂದು ಹಿರಿಯ ಸಾಹಿತಿಗಳು ಅಭಿಪ್ರಾಯಪಟ್ಟರು. ನಗರದಲ್ಲಿ ಹಮ್ಮಿಕೊಂಡಿದ್ದ ಕವನ ಸಂಕಲನ ಬಿಡುಗಡೆ ಸಮಾರಂಭದಲ್ಲಿ ಅವರು ಮಾತನಾಡಿದರು. ಓದುವ ಹವ್ಯಾಸ ಬೆಳೆಸಿಕೊಳ್ಳಬೇಕು. ಹಿರಿಯ ಕವಿಗಳ ಕೃತಿಗಳನ್ನು ಓದಿ ಅರ್ಥೈಸಿಕೊಳ್ಳಬೇಕು. ಸಮಾಜದ ಸಮಸ್ಯೆಗಳಿಗೆ ಸ್ಪಂದಿಸುವ ಬರಹಗಳು ಮೂಡಿಬರಬೇಕು ಎಂದರು. ಸಾಹಿತ್ಯ ಪರಿಷತ್ ಪದಾಧಿಕಾರಿಗಳು, ಕವಿಗಳು, ಸಾಹಿತ್ಯಾಸಕ್ತರು ಭಾಗವಹಿಸಿದ್ದರು.
ರಾಯಚೂರು: ನಗರದ ತಾಯಿ ಮತ್ತು ಮಕ್ಕಳ ಆಸ್ಪತ್ರೆಯಲ್ಲಿ ಕಳೆದ ಒಂದು ವರ್ಷದಲ್ಲಿ 1,203 ಹೆರಿಗೆಗಳನ್ನು ಯಶಸ್ವಿಯಾಗಿ ಮಾಡಿಸಲಾಗಿದೆ. ಇದರಲ್ಲಿ 681 ಸಹಜ ಹೆರಿಗೆ ಹಾಗೂ 522 ಸಿಸೇರಿಯನ್ ಹೆರಿಗೆಗಳಾಗಿವೆ. ಆಸ್ಪತ್ರೆಯಲ್ಲಿ ತಜ್ಞ ವೈದ್ಯರು, ಸುಸಜ್ಜಿತ ಶಸ್ತ್ರಚಿಕಿತ್ಸಾ ಕೊಠಡಿ, ನವಜಾತ ಶಿಶು ತೀವ್ರ ನಿಗಾ ಘಟಕ ಸೇರಿ ಎಲ್ಲ ಸೌಲಭ್ಯಗಳಿದ್ದು ಬಡ ಕುಟುಂಬಗಳಿಗೆ ವರದಾನವಾಗಿದೆ. ಗ್ರಾಮೀಣ ಭಾಗದ ಗರ್ಭಿಣಿಯರು ಹೆಚ್ಚಿನ ಸಂಖ್ಯೆಯಲ್ಲಿ ಇಲ್ಲಿಗೆ ಬರುತ್ತಿದ್ದಾರೆ. ಖಾಸಗಿ ಆಸ್ಪತ್ರೆಗಳಲ್ಲಿ ಸಾವಿರಾರು ರೂ. ಖರ್ಚಾಗುವ ಚಿಕಿತ್ಸೆ ಇಲ್ಲಿ ಉಚಿತವಾಗಿ ಸಿಗುತ್ತಿದೆ ಎಂದು ಆಸ್ಪತ್ರೆ ಅಧೀಕ್ಷಕರು ತಿಳಿಸಿದರು.
ನಮ್ಮ ಕುಟುಂಬದ ಸಮಗ್ರ ಸಾಪ್ತಾಹಿಕ
ತರಂಗ
ಆವರ
ರಾಮನಿಗೆ ಯಾರು ಪಾದ ವಾಸ್ತವದ ಸಹಾಯ
ಗಡ ಹೋಲಿಸ್ ಕುದ್ದು!
ಸೇರಿಸಿ ಸೋಲದ ಚಾರಿತ್ರ್ಯ
ಟಾಪ್10
ಯಾರು ಬಡಿಯುವ ಪಟ್ಟಣಗಳು
ನೇತಾಜಿ
ಸುಭಾಷ್‌ಚಂದ್ರ
ಬೋಸ್
ಅಮರ ಹೋರಾಟದ ಅಜರಾಮರ ನೆನಪು
ಕಣ್ಣನ ಕಾಯುತೇ ಲೇಸರ್ ಚಿಕಿತ್ಸೆ
